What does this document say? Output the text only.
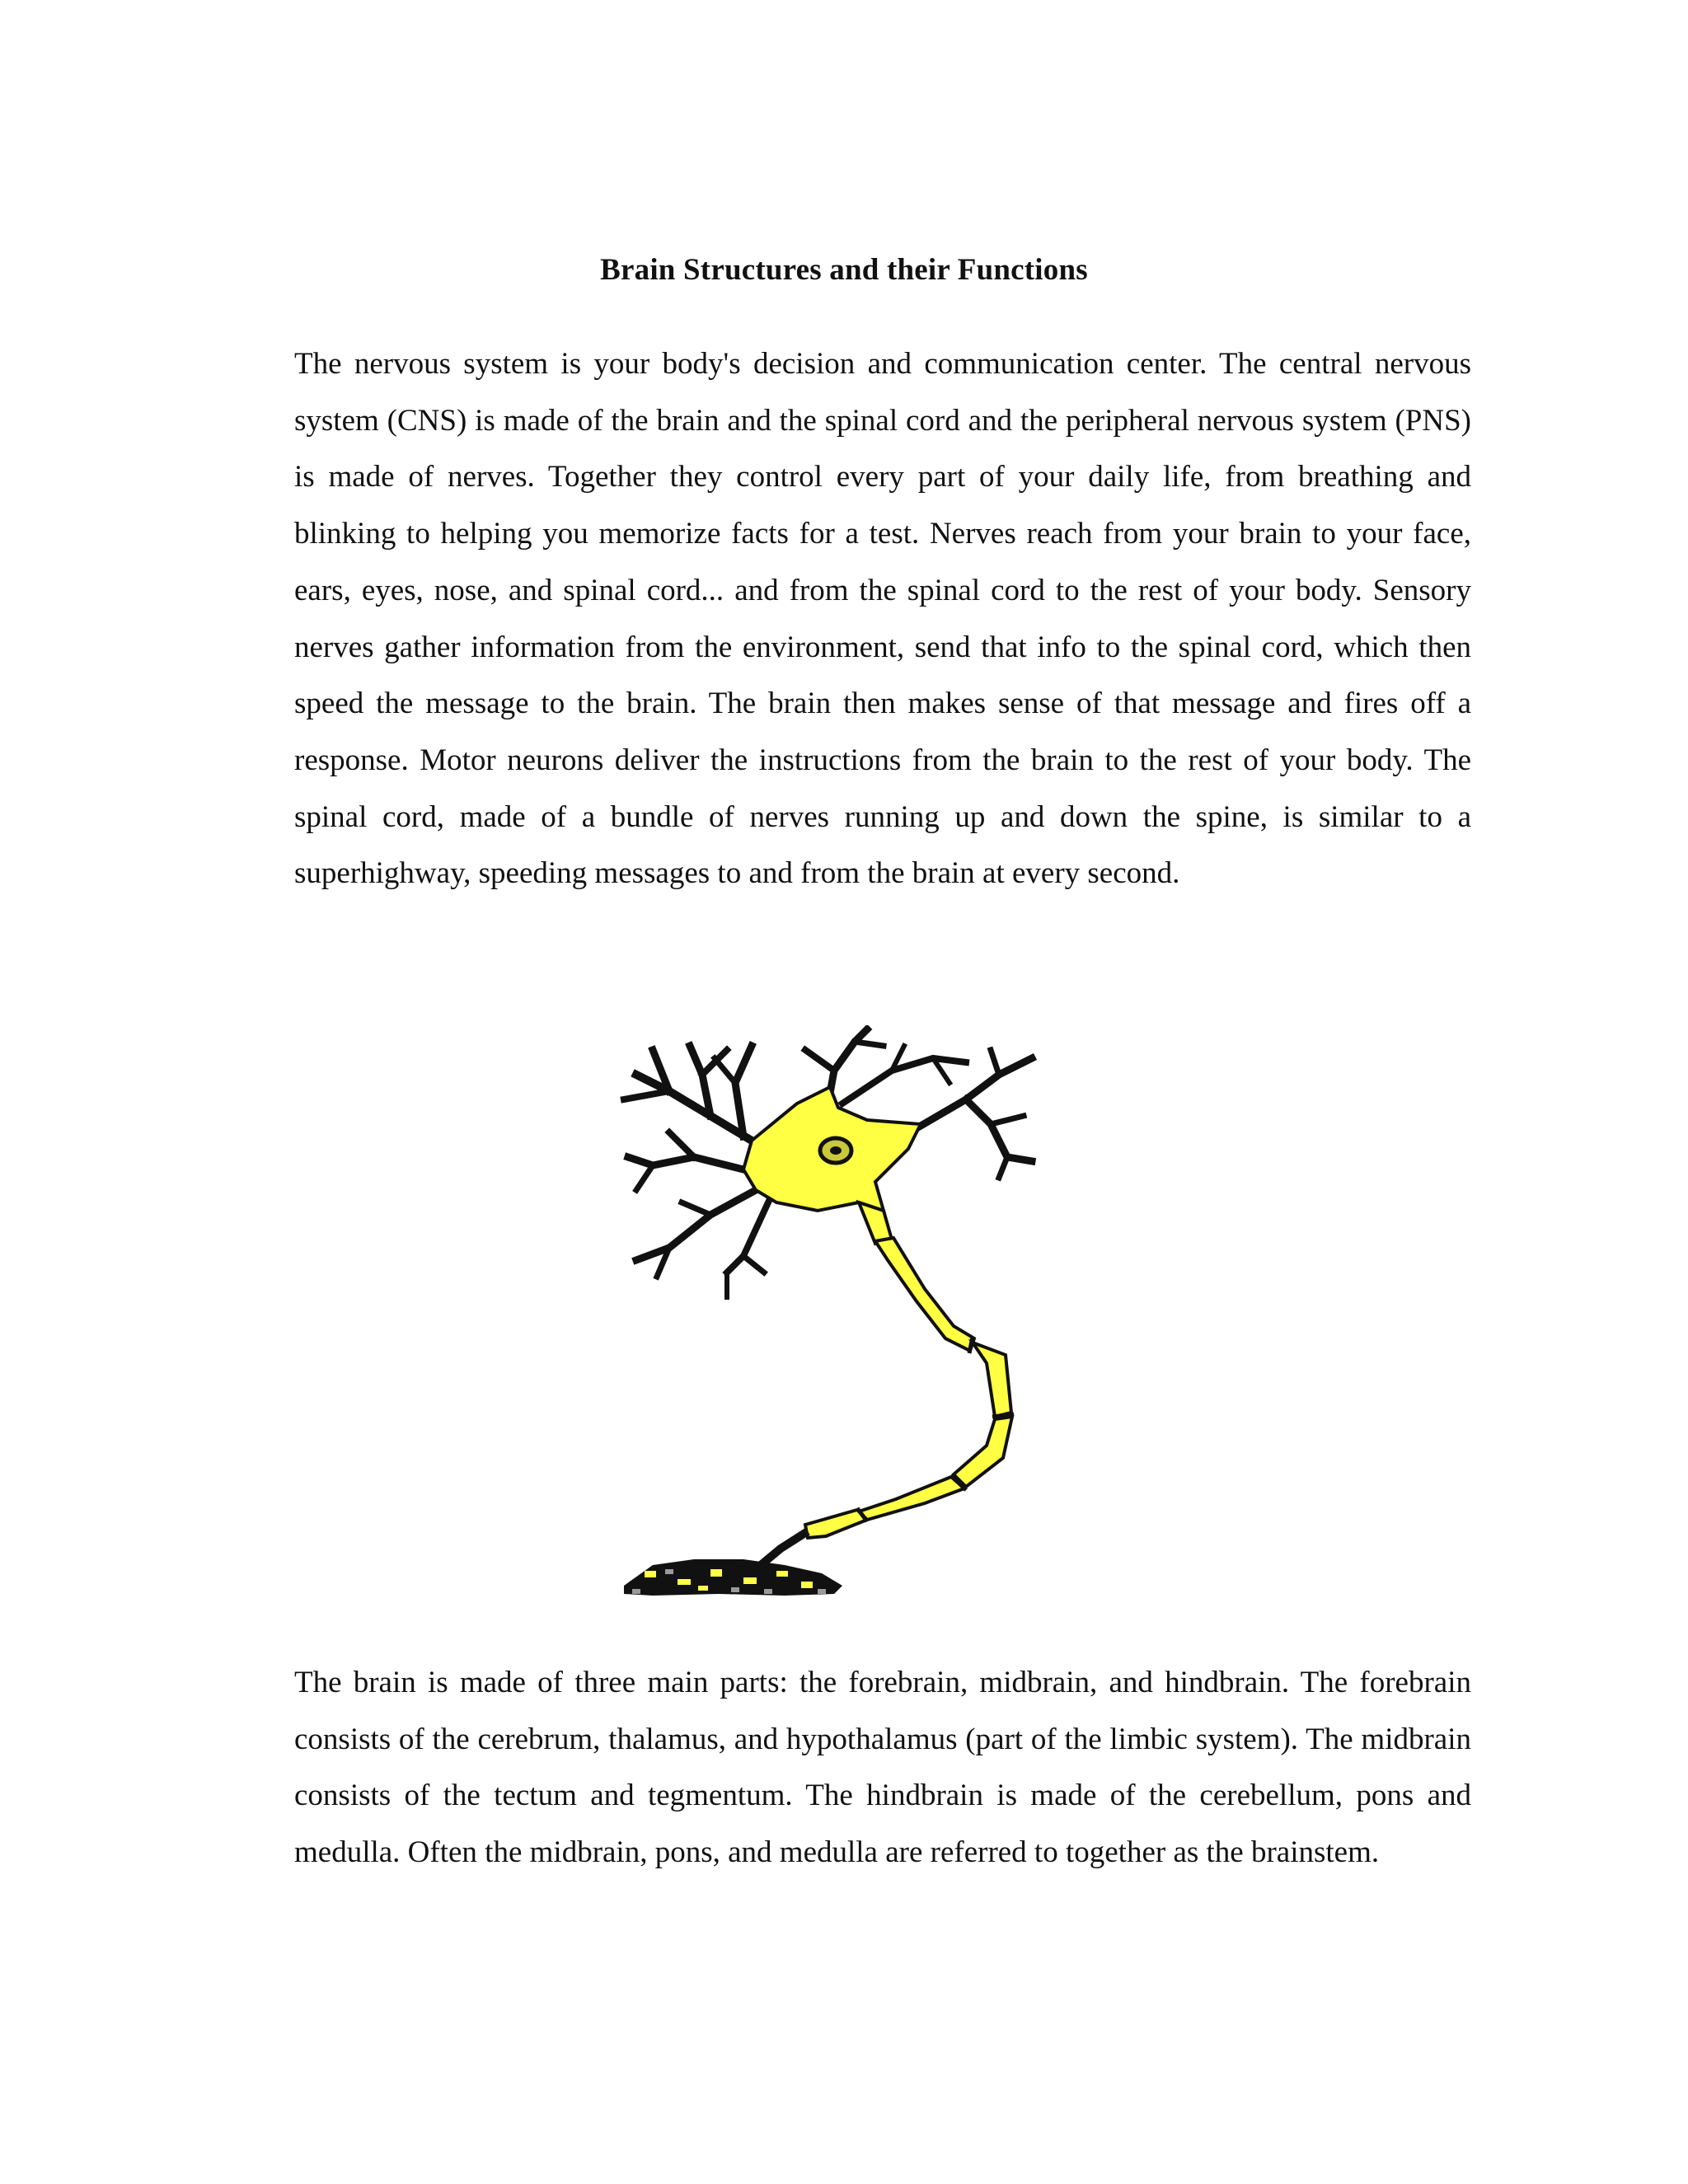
Brain Structures and their Functions

The nervous system is your body's decision and communication center. The central nervous system (CNS) is made of the brain and the spinal cord and the peripheral nervous system (PNS) is made of nerves. Together they control every part of your daily life, from breathing and blinking to helping you memorize facts for a test. Nerves reach from your brain to your face, ears, eyes, nose, and spinal cord... and from the spinal cord to the rest of your body. Sensory nerves gather information from the environment, send that info to the spinal cord, which then speed the message to the brain. The brain then makes sense of that message and fires off a response. Motor neurons deliver the instructions from the brain to the rest of your body. The spinal cord, made of a bundle of nerves running up and down the spine, is similar to a superhighway, speeding messages to and from the brain at every second.

The brain is made of three main parts: the forebrain, midbrain, and hindbrain. The forebrain consists of the cerebrum, thalamus, and hypothalamus (part of the limbic system). The midbrain consists of the tectum and tegmentum. The hindbrain is made of the cerebellum, pons and medulla. Often the midbrain, pons, and medulla are referred to together as the brainstem.
